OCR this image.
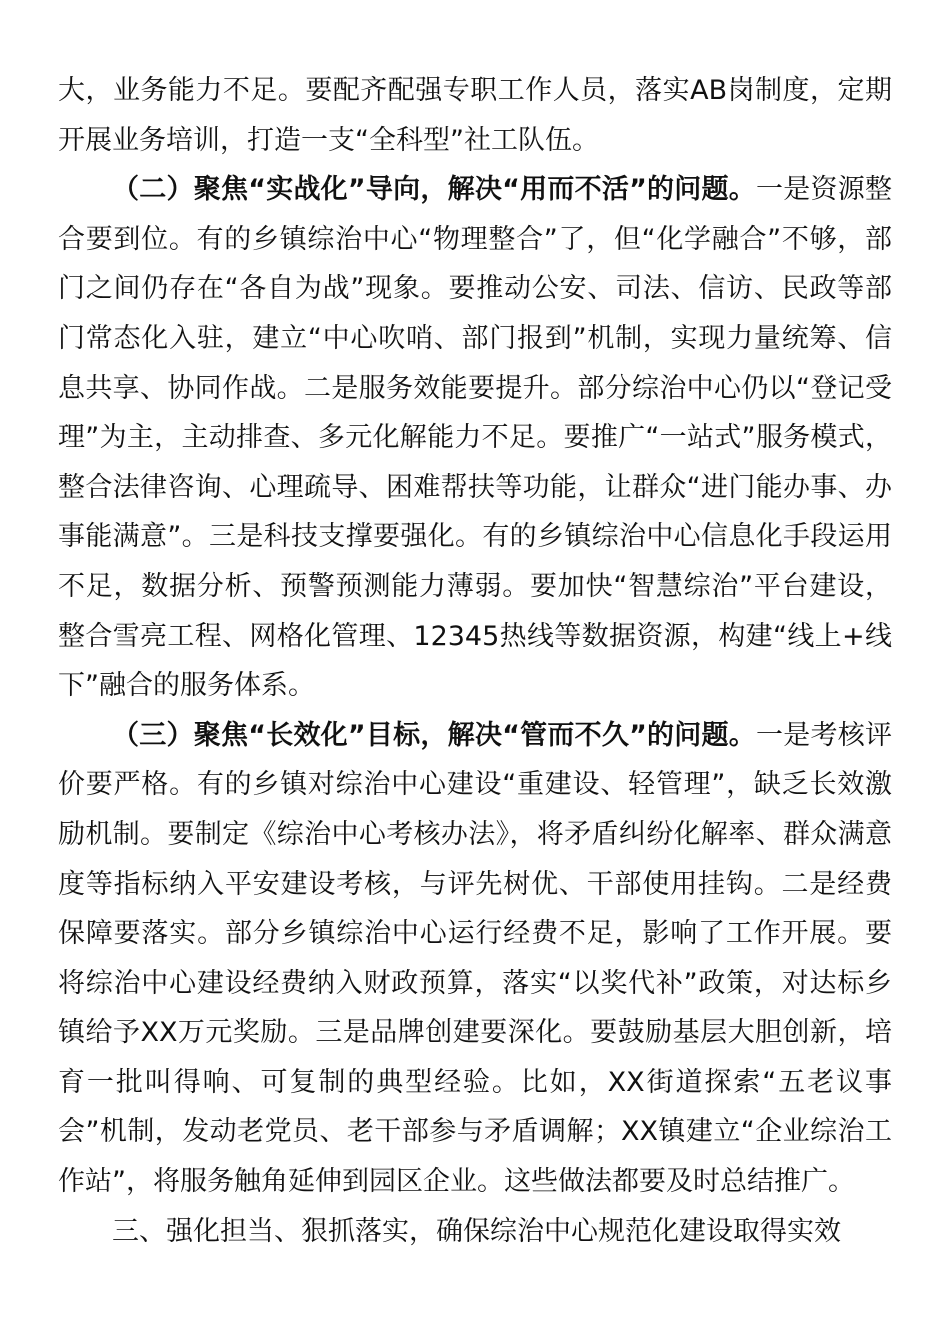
大，业务能力不足。要配齐配强专职工作人员，落实AB岗制度，定期开展业务培训，打造一支“全科型”社工队伍。

（二）聚焦“实战化”导向，解决“用而不活”的问题。一是资源整合要到位。有的乡镇综治中心“物理整合”了，但“化学融合”不够，部门之间仍存在“各自为战”现象。要推动公安、司法、信访、民政等部门常态化入驻，建立“中心吹哨、部门报到”机制，实现力量统筹、信息共享、协同作战。二是服务效能要提升。部分综治中心仍以“登记受理”为主，主动排查、多元化解能力不足。要推广“一站式”服务模式，整合法律咨询、心理疏导、困难帮扶等功能，让群众“进门能办事、办事能满意”。三是科技支撑要强化。有的乡镇综治中心信息化手段运用不足，数据分析、预警预测能力薄弱。要加快“智慧综治”平台建设，整合雪亮工程、网格化管理、12345热线等数据资源，构建“线上+线下”融合的服务体系。

（三）聚焦“长效化”目标，解决“管而不久”的问题。一是考核评价要严格。有的乡镇对综治中心建设“重建设、轻管理”，缺乏长效激励机制。要制定《综治中心考核办法》，将矛盾纠纷化解率、群众满意度等指标纳入平安建设考核，与评先树优、干部使用挂钩。二是经费保障要落实。部分乡镇综治中心运行经费不足，影响了工作开展。要将综治中心建设经费纳入财政预算，落实“以奖代补”政策，对达标乡镇给予XX万元奖励。三是品牌创建要深化。要鼓励基层大胆创新，培育一批叫得响、可复制的典型经验。比如，XX街道探索“五老议事会”机制，发动老党员、老干部参与矛盾调解；XX镇建立“企业综治工作站”，将服务触角延伸到园区企业。这些做法都要及时总结推广。

三、强化担当、狠抓落实，确保综治中心规范化建设取得实效
